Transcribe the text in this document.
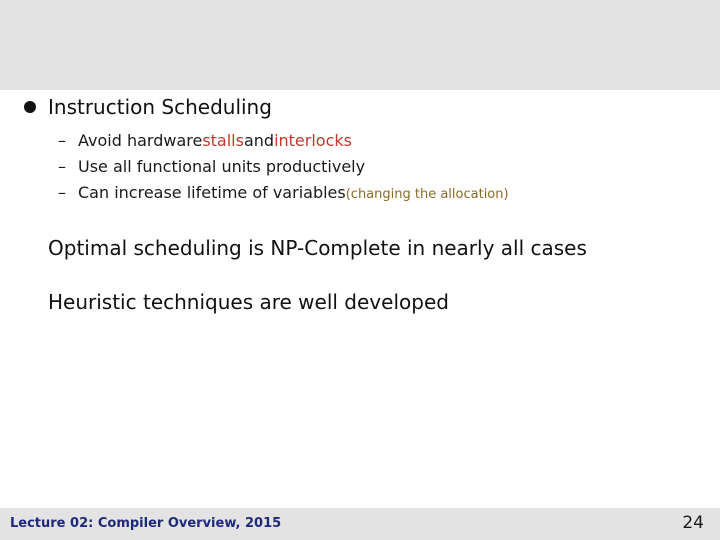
Instruction Scheduling
– Avoid hardware stalls and interlocks
– Use all functional units productively
– Can increase lifetime of variables (changing the allocation)
Optimal scheduling is NP-Complete in nearly all cases
Heuristic techniques are well developed
Lecture 02: Compiler Overview, 2015	24
